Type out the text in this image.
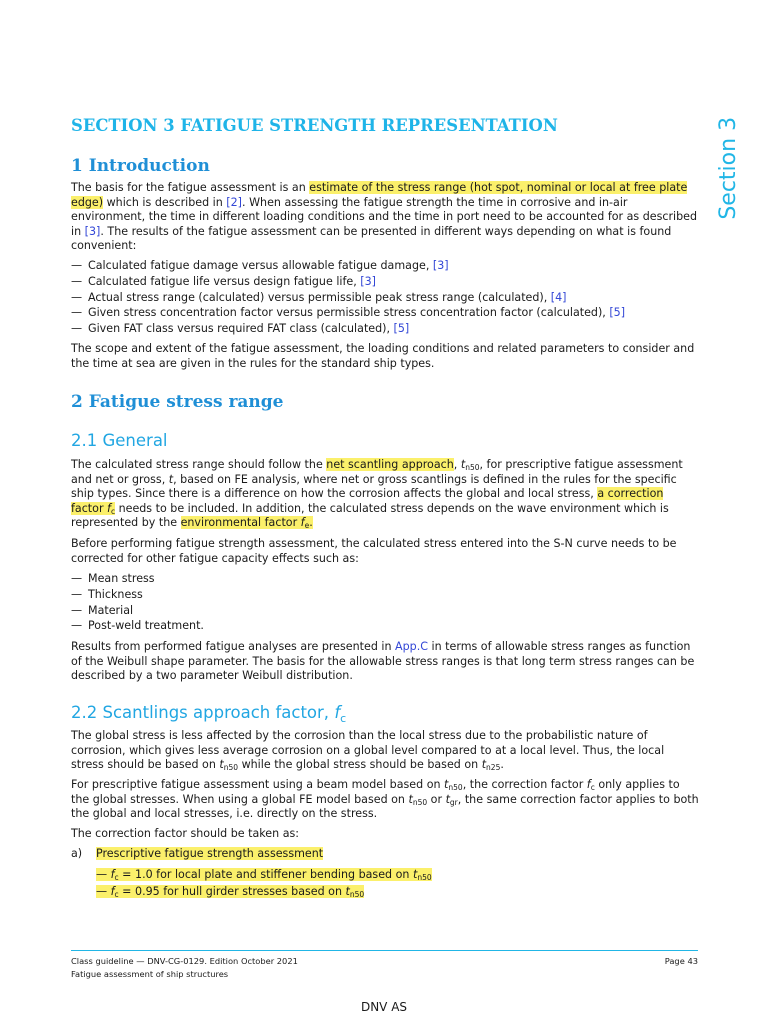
Section 3
SECTION 3 FATIGUE STRENGTH REPRESENTATION
1 Introduction

The basis for the fatigue assessment is an estimate of the stress range (hot spot, nominal or local at free plate edge) which is described in [2]. When assessing the fatigue strength the time in corrosive and in-air environment, the time in different loading conditions and the time in port need to be accounted for as described in [3]. The results of the fatigue assessment can be presented in different ways depending on what is found convenient:

— Calculated fatigue damage versus allowable fatigue damage, [3]
— Calculated fatigue life versus design fatigue life, [3]
— Actual stress range (calculated) versus permissible peak stress range (calculated), [4]
— Given stress concentration factor versus permissible stress concentration factor (calculated), [5]
— Given FAT class versus required FAT class (calculated), [5]

The scope and extent of the fatigue assessment, the loading conditions and related parameters to consider and the time at sea are given in the rules for the standard ship types.

2 Fatigue stress range
2.1 General

The calculated stress range should follow the net scantling approach, $t_{n50}$, for prescriptive fatigue assessment and net or gross, t, based on FE analysis, where net or gross scantlings is defined in the rules for the specific ship types. Since there is a difference on how the corrosion affects the global and local stress, a correction factor $f_c$ needs to be included. In addition, the calculated stress depends on the wave environment which is represented by the environmental factor $f_e$.

Before performing fatigue strength assessment, the calculated stress entered into the S-N curve needs to be corrected for other fatigue capacity effects such as:

— Mean stress
— Thickness
— Material
— Post-weld treatment.

Results from performed fatigue analyses are presented in App.C in terms of allowable stress ranges as function of the Weibull shape parameter. The basis for the allowable stress ranges is that long term stress ranges can be described by a two parameter Weibull distribution.

2.2 Scantlings approach factor, $f_c$

The global stress is less affected by the corrosion than the local stress due to the probabilistic nature of corrosion, which gives less average corrosion on a global level compared to at a local level. Thus, the local stress should be based on $t_{n50}$ while the global stress should be based on $t_{n25}$.

For prescriptive fatigue assessment using a beam model based on $t_{n50}$, the correction factor $f_c$ only applies to the global stresses. When using a global FE model based on $t_{n50}$ or $t_{gr}$, the same correction factor applies to both the global and local stresses, i.e. directly on the stress.

The correction factor should be taken as:

a) Prescriptive fatigue strength assessment
— $f_c = 1.0$ for local plate and stiffener bending based on $t_{n50}$
— $f_c = 0.95$ for hull girder stresses based on $t_{n50}$
Class guideline — DNV-CG-0129. Edition October 2021
Fatigue assessment of ship structures
Page 43
DNV AS
